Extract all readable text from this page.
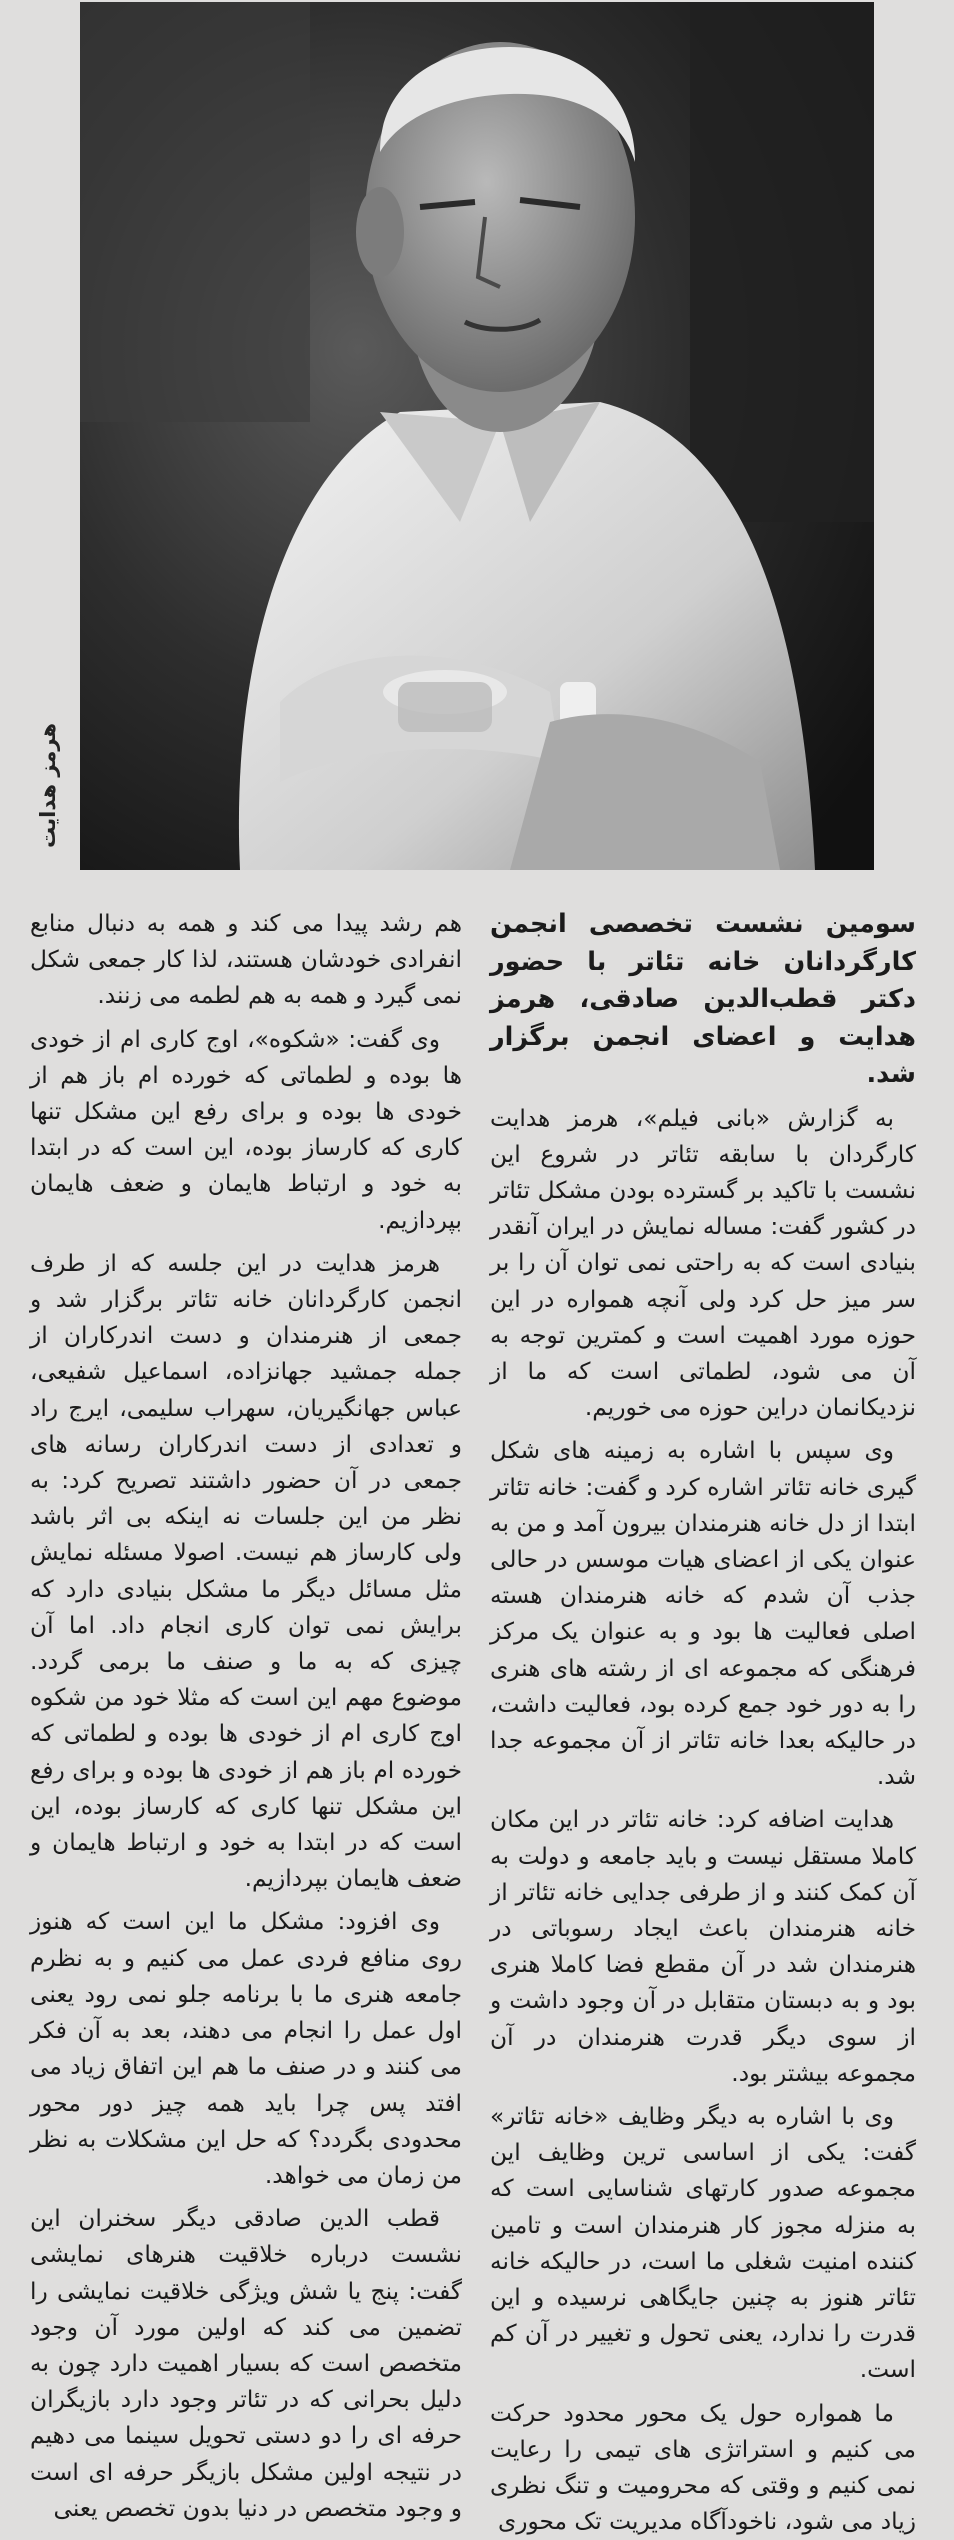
هرمز هدایت

سومین نشست تخصصی انجمن کارگردانان خانه تئاتر با حضور دکتر قطب‌الدین صادقی، هرمز هدایت و اعضای انجمن برگزار شد.

به گزارش «بانی فیلم»، هرمز هدایت کارگردان با سابقه تئاتر در شروع این نشست با تاکید بر گسترده بودن مشکل تئاتر در کشور گفت: مساله نمایش در ایران آنقدر بنیادی است که به راحتی نمی توان آن را بر سر میز حل کرد ولی آنچه همواره در این حوزه مورد اهمیت است و کمترین توجه به آن می شود، لطماتی است که ما از نزدیکانمان دراین حوزه می خوریم.

وی سپس با اشاره به زمینه های شکل گیری خانه تئاتر اشاره کرد و گفت: خانه تئاتر ابتدا از دل خانه هنرمندان بیرون آمد و من به عنوان یکی از اعضای هیات موسس در حالی جذب آن شدم که خانه هنرمندان هسته اصلی فعالیت ها بود و به عنوان یک مرکز فرهنگی که مجموعه ای از رشته های هنری را به دور خود جمع کرده بود، فعالیت داشت، در حالیکه بعدا خانه تئاتر از آن مجموعه جدا شد.

هدایت اضافه کرد: خانه تئاتر در این مکان کاملا مستقل نیست و باید جامعه و دولت به آن کمک کنند و از طرفی جدایی خانه تئاتر از خانه هنرمندان باعث ایجاد رسوباتی در هنرمندان شد در آن مقطع فضا کاملا هنری بود و به دبستان متقابل در آن وجود داشت و از سوی دیگر قدرت هنرمندان در آن مجموعه بیشتر بود.

وی با اشاره به دیگر وظایف «خانه تئاتر» گفت: یکی از اساسی ترین وظایف این مجموعه صدور کارتهای شناسایی است که به منزله مجوز کار هنرمندان است و تامین کننده امنیت شغلی ما است، در حالیکه خانه تئاتر هنوز به چنین جایگاهی نرسیده و این قدرت را ندارد، یعنی تحول و تغییر در آن کم است.

ما همواره حول یک محور محدود حرکت می کنیم و استراتژی های تیمی را رعایت نمی کنیم و وقتی که محرومیت و تنگ نظری زیاد می شود، ناخودآگاه مدیریت تک محوری

هم رشد پیدا می کند و همه به دنبال منابع انفرادی خودشان هستند، لذا کار جمعی شکل نمی گیرد و همه به هم لطمه می زنند.

وی گفت: «شکوه»، اوج کاری ام از خودی ها بوده و لطماتی که خورده ام باز هم از خودی ها بوده و برای رفع این مشکل تنها کاری که کارساز بوده، این است که در ابتدا به خود و ارتباط هایمان و ضعف هایمان بپردازیم.

هرمز هدایت در این جلسه که از طرف انجمن کارگردانان خانه تئاتر برگزار شد و جمعی از هنرمندان و دست اندرکاران از جمله جمشید جهانزاده، اسماعیل شفیعی، عباس جهانگیریان، سهراب سلیمی، ایرج راد و تعدادی از دست اندرکاران رسانه های جمعی در آن حضور داشتند تصریح کرد: به نظر من این جلسات نه اینکه بی اثر باشد ولی کارساز هم نیست. اصولا مسئله نمایش مثل مسائل دیگر ما مشکل بنیادی دارد که برایش نمی توان کاری انجام داد. اما آن چیزی که به ما و صنف ما برمی گردد. موضوع مهم این است که مثلا خود من شکوه اوج کاری ام از خودی ها بوده و لطماتی که خورده ام باز هم از خودی ها بوده و برای رفع این مشکل تنها کاری که کارساز بوده، این است که در ابتدا به خود و ارتباط هایمان و ضعف هایمان بپردازیم.

وی افزود: مشکل ما این است که هنوز روی منافع فردی عمل می کنیم و به نظرم جامعه هنری ما با برنامه جلو نمی رود یعنی اول عمل را انجام می دهند، بعد به آن فکر می کنند و در صنف ما هم این اتفاق زیاد می افتد پس چرا باید همه چیز دور محور محدودی بگردد؟ که حل این مشکلات به نظر من زمان می خواهد.

قطب الدین صادقی دیگر سخنران این نشست درباره خلاقیت هنرهای نمایشی گفت: پنج یا شش ویژگی خلاقیت نمایشی را تضمین می کند که اولین مورد آن وجود متخصص است که بسیار اهمیت دارد چون به دلیل بحرانی که در تئاتر وجود دارد بازیگران حرفه ای را دو دستی تحویل سینما می دهیم در نتیجه اولین مشکل بازیگر حرفه ای است و وجود متخصص در دنیا بدون تخصص یعنی
